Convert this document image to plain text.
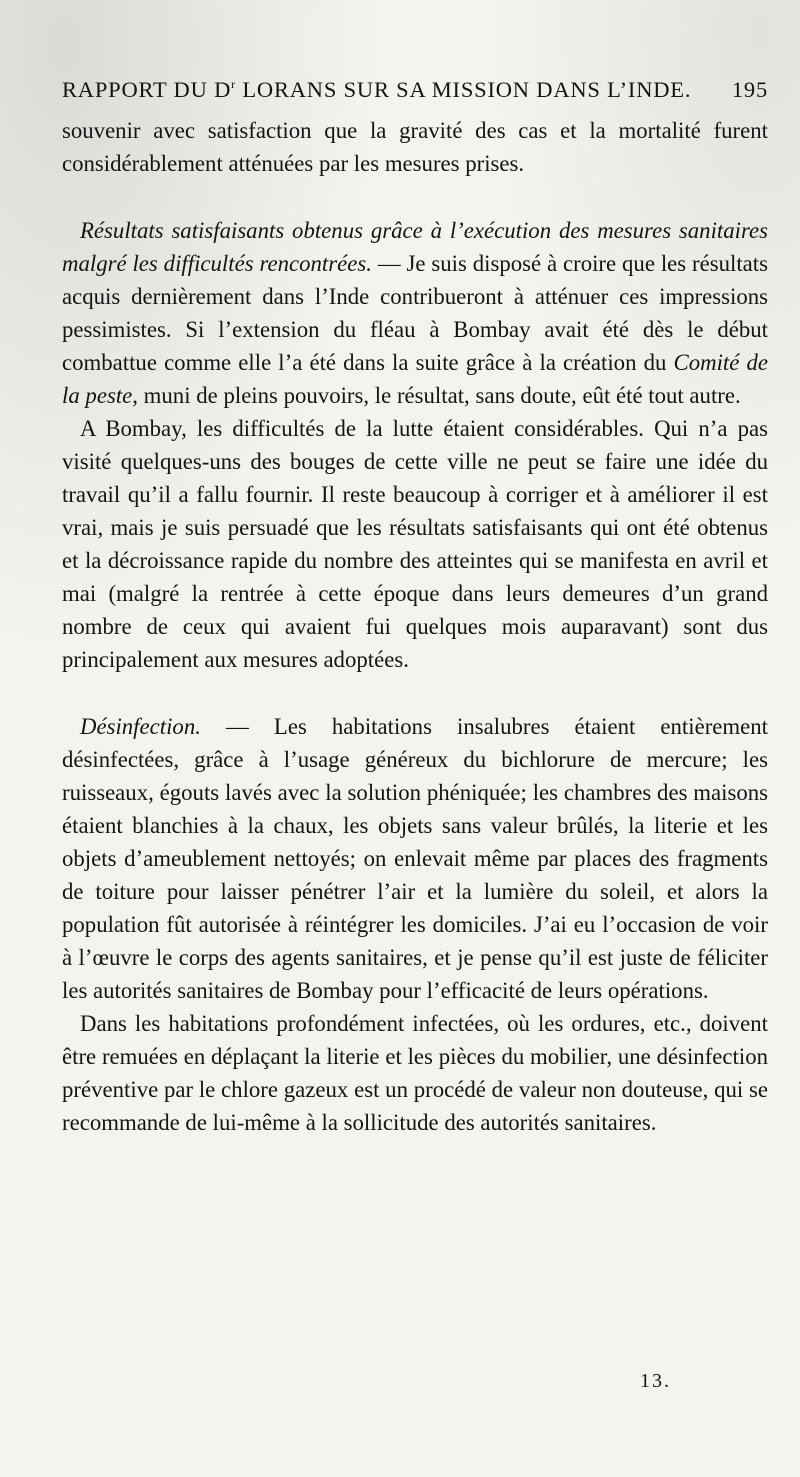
RAPPORT DU $D^r$ LORANS SUR SA MISSION DANS L’INDE. 195

souvenir avec satisfaction que la gravité des cas et la mortalité furent considérablement atténuées par les mesures prises.

Résultats satisfaisants obtenus grâce à l’exécution des mesures sanitaires malgré les difficultés rencontrées. — Je suis disposé à croire que les résultats acquis dernièrement dans l’Inde contribueront à atténuer ces impressions pessimistes. Si l’extension du fléau à Bombay avait été dès le début combattue comme elle l’a été dans la suite grâce à la création du Comité de la peste, muni de pleins pouvoirs, le résultat, sans doute, eût été tout autre.

A Bombay, les difficultés de la lutte étaient considérables. Qui n’a pas visité quelques-uns des bouges de cette ville ne peut se faire une idée du travail qu’il a fallu fournir. Il reste beaucoup à corriger et à améliorer il est vrai, mais je suis persuadé que les résultats satisfaisants qui ont été obtenus et la décroissance rapide du nombre des atteintes qui se manifesta en avril et mai (malgré la rentrée à cette époque dans leurs demeures d’un grand nombre de ceux qui avaient fui quelques mois auparavant) sont dus principalement aux mesures adoptées.

Désinfection. — Les habitations insalubres étaient entièrement désinfectées, grâce à l’usage généreux du bichlorure de mercure; les ruisseaux, égouts lavés avec la solution phéniquée; les chambres des maisons étaient blanchies à la chaux, les objets sans valeur brûlés, la literie et les objets d’ameublement nettoyés; on enlevait même par places des fragments de toiture pour laisser pénétrer l’air et la lumière du soleil, et alors la population fût autorisée à réintégrer les domiciles. J’ai eu l’occasion de voir à l’œuvre le corps des agents sanitaires, et je pense qu’il est juste de féliciter les autorités sanitaires de Bombay pour l’efficacité de leurs opérations.

Dans les habitations profondément infectées, où les ordures, etc., doivent être remuées en déplaçant la literie et les pièces du mobilier, une désinfection préventive par le chlore gazeux est un procédé de valeur non douteuse, qui se recommande de lui-même à la sollicitude des autorités sanitaires.

13.
